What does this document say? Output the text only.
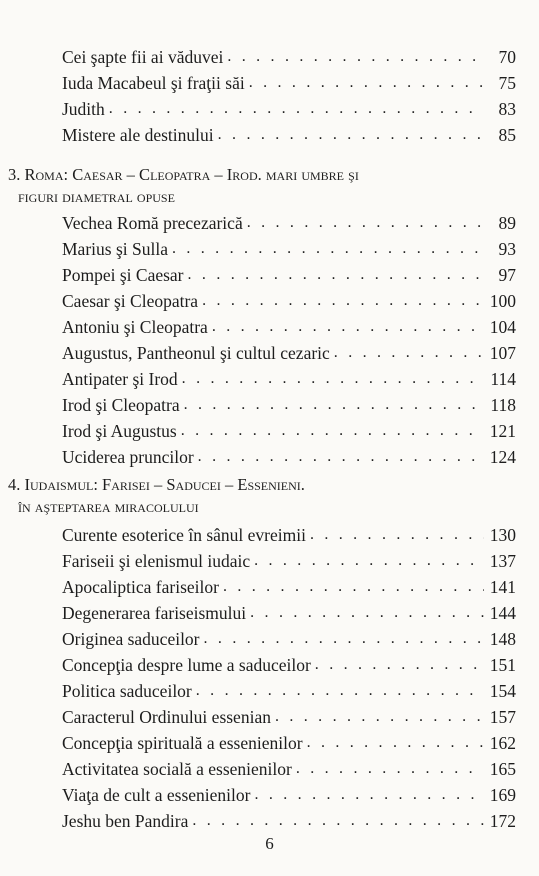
Cei şapte fii ai văduvei . . .	70
Iuda Macabeul şi fraţii săi . . .	75
Judith . . .	83
Mistere ale destinului . . .	85
3. Roma: Caesar – Cleopatra – Irod. mari umbre şi
figuri diametral opuse
Vechea Romă precezarică . . .	89
Marius şi Sulla . . .	93
Pompei şi Caesar . . .	97
Caesar şi Cleopatra . . .	100
Antoniu şi Cleopatra . . .	104
Augustus, Pantheonul şi cultul cezaric . . .	107
Antipater şi Irod . . .	114
Irod şi Cleopatra . . .	118
Irod şi Augustus . . .	121
Uciderea pruncilor . . .	124
4. Iudaismul: Farisei – Saducei – Essenieni.
în aşteptarea miracolului
Curente esoterice în sânul evreimii . . .	130
Fariseii şi elenismul iudaic . . .	137
Apocaliptica fariseilor . . .	141
Degenerarea fariseismului . . .	144
Originea saduceilor . . .	148
Concepţia despre lume a saduceilor . . .	151
Politica saduceilor . . .	154
Caracterul Ordinului essenian . . .	157
Concepţia spirituală a essenienilor . . .	162
Activitatea socială a essenienilor . . .	165
Viaţa de cult a essenienilor . . .	169
Jeshu ben Pandira . . .	172
6
